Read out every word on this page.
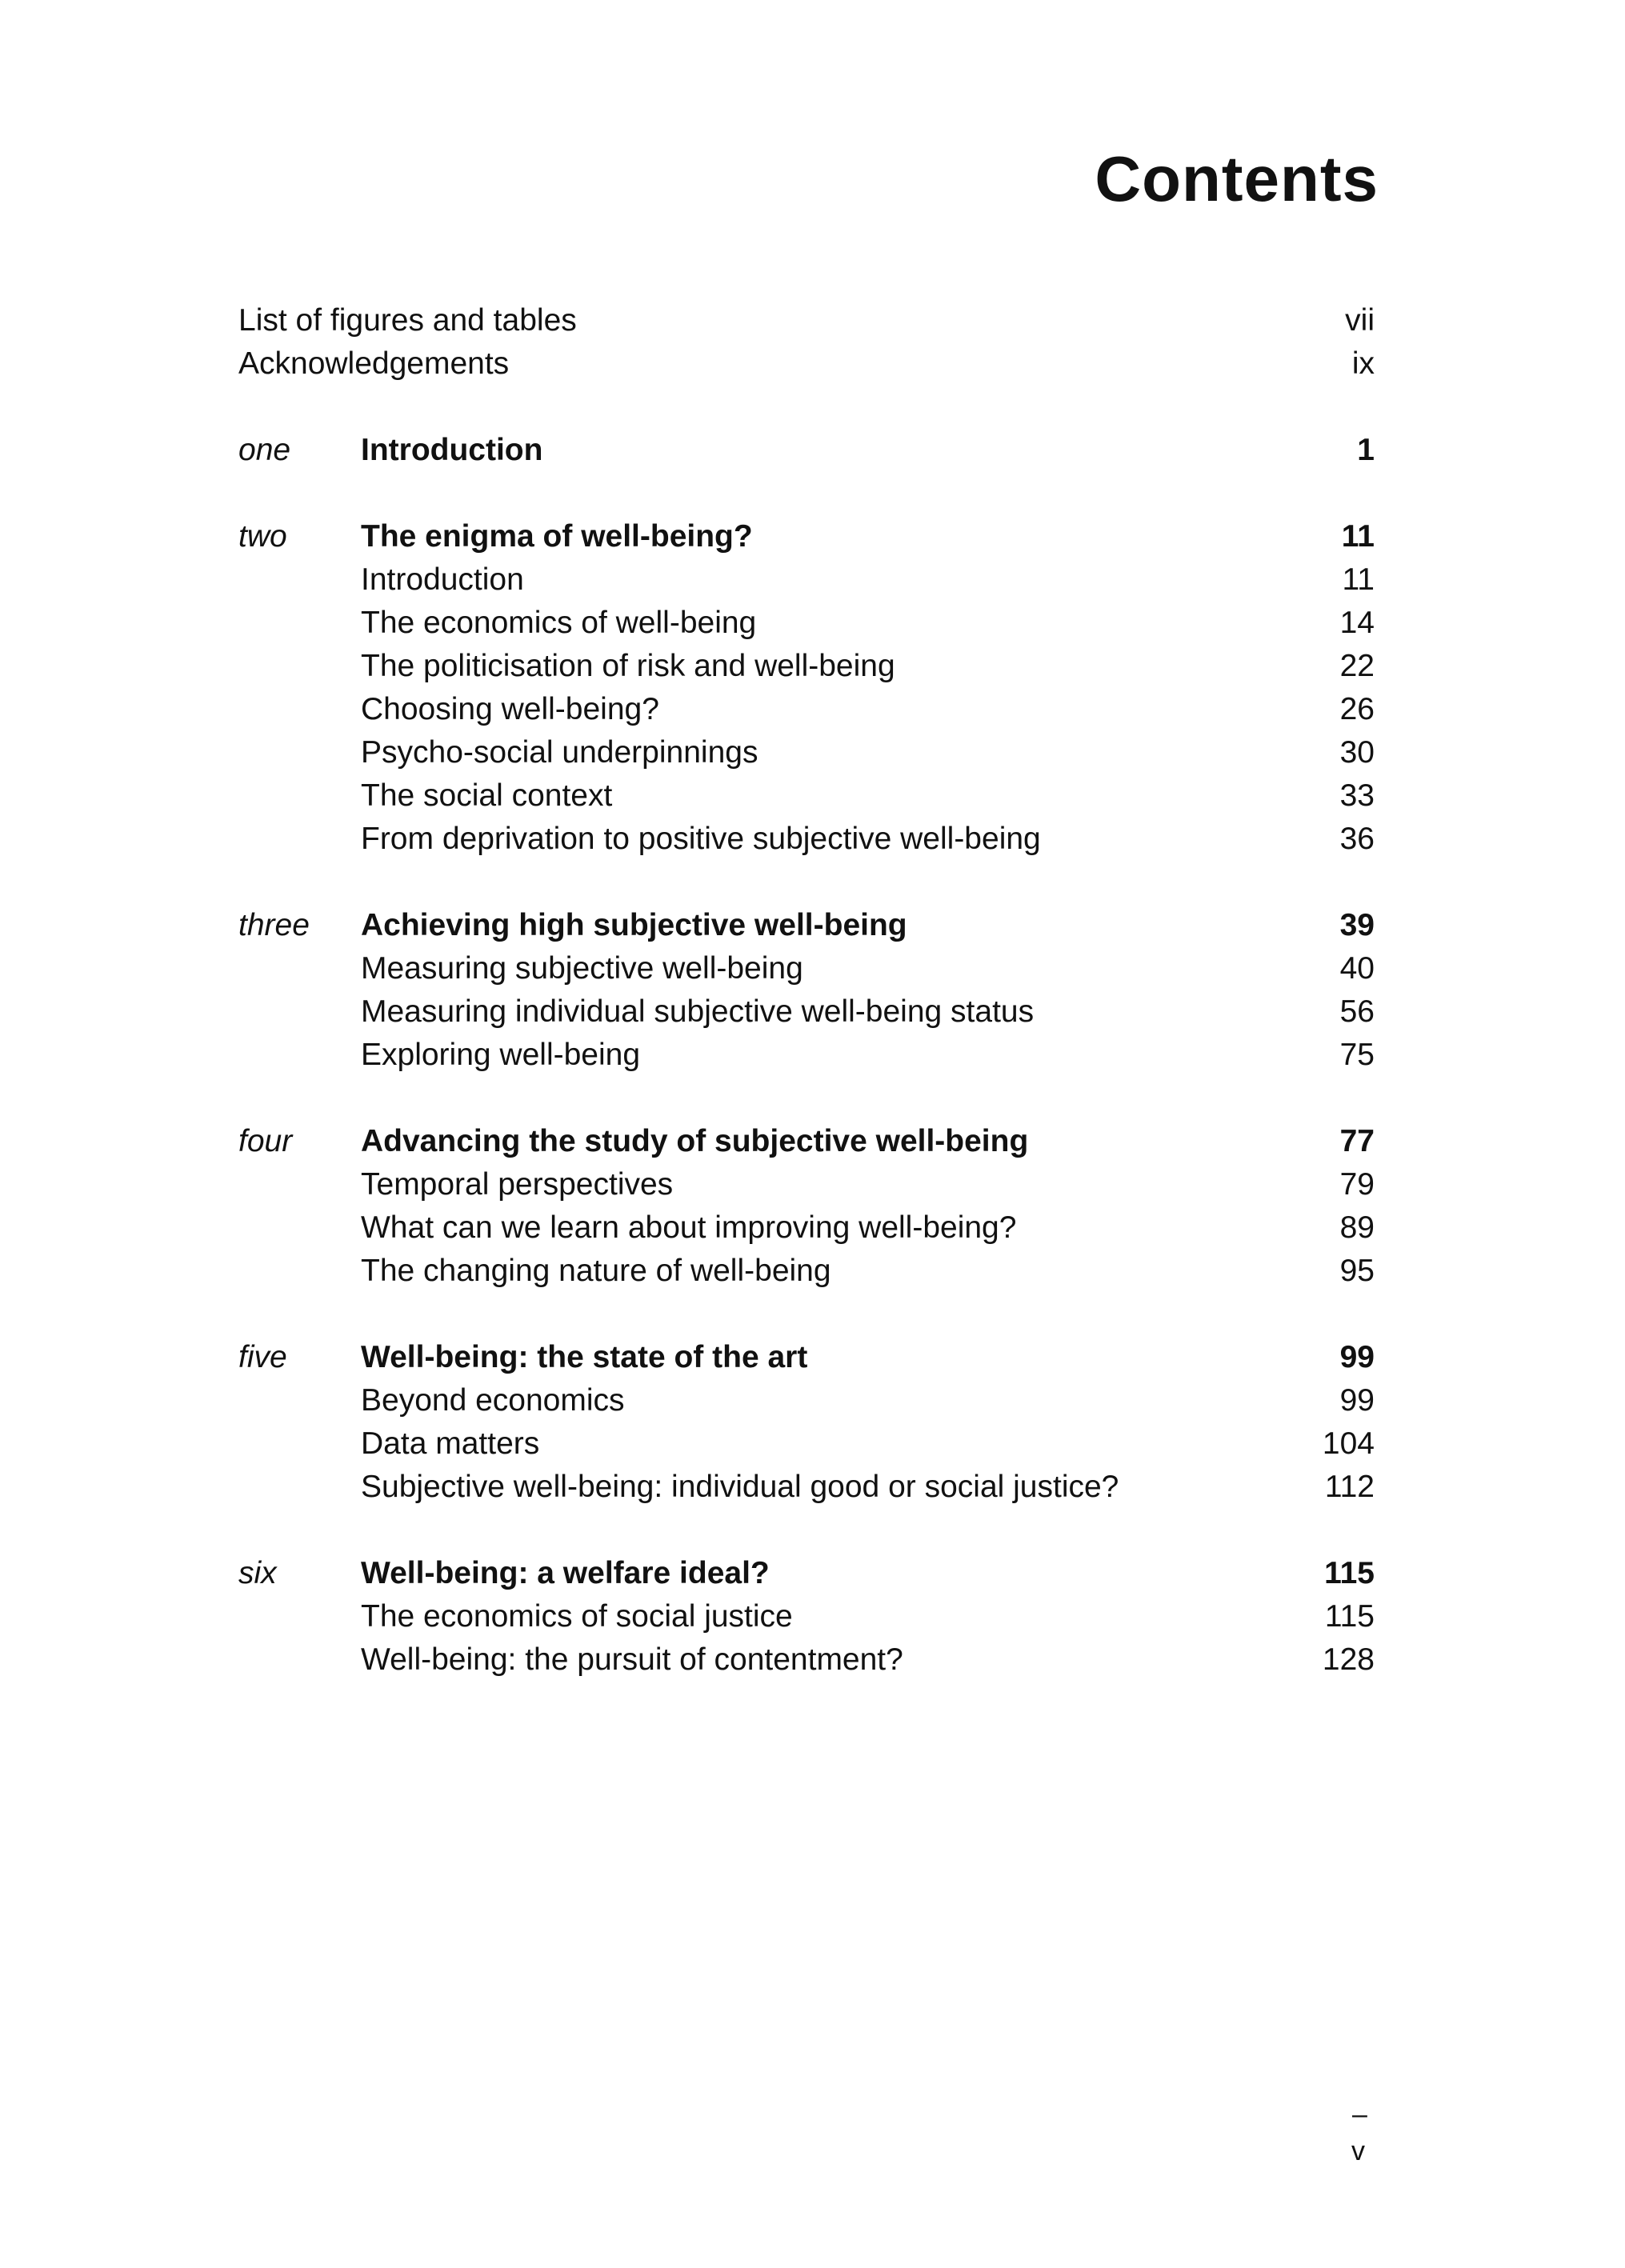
Contents
List of figures and tables	vii
Acknowledgements	ix
one Introduction	1
two The enigma of well-being?	11
Introduction	11
The economics of well-being	14
The politicisation of risk and well-being	22
Choosing well-being?	26
Psycho-social underpinnings	30
The social context	33
From deprivation to positive subjective well-being	36
three Achieving high subjective well-being	39
Measuring subjective well-being	40
Measuring individual subjective well-being status	56
Exploring well-being	75
four Advancing the study of subjective well-being	77
Temporal perspectives	79
What can we learn about improving well-being?	89
The changing nature of well-being	95
five Well-being: the state of the art	99
Beyond economics	99
Data matters	104
Subjective well-being: individual good or social justice?	112
six	Well-being: a welfare ideal?	115
The economics of social justice	115
Well-being: the pursuit of contentment?	128
–
v
